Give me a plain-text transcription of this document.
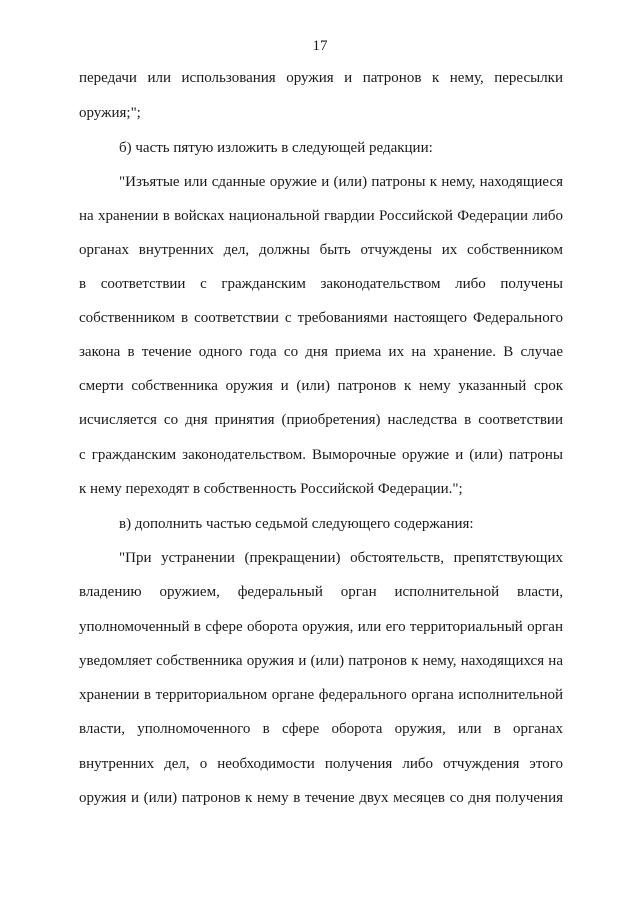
17
передачи или использования оружия и патронов к нему, пересылки
оружия;";
б) часть пятую изложить в следующей редакции:
"Изъятые или сданные оружие и (или) патроны к нему, находящиеся
на хранении в войсках национальной гвардии Российской Федерации либо
органах внутренних дел, должны быть отчуждены их собственником
в соответствии с гражданским законодательством либо получены
собственником в соответствии с требованиями настоящего Федерального
закона в течение одного года со дня приема их на хранение. В случае
смерти собственника оружия и (или) патронов к нему указанный срок
исчисляется со дня принятия (приобретения) наследства в соответствии
с гражданским законодательством. Выморочные оружие и (или) патроны
к нему переходят в собственность Российской Федерации.";
в) дополнить частью седьмой следующего содержания:
"При устранении (прекращении) обстоятельств, препятствующих
владению оружием, федеральный орган исполнительной власти,
уполномоченный в сфере оборота оружия, или его территориальный орган
уведомляет собственника оружия и (или) патронов к нему, находящихся на
хранении в территориальном органе федерального органа исполнительной
власти, уполномоченного в сфере оборота оружия, или в органах
внутренних дел, о необходимости получения либо отчуждения этого
оружия и (или) патронов к нему в течение двух месяцев со дня получения
